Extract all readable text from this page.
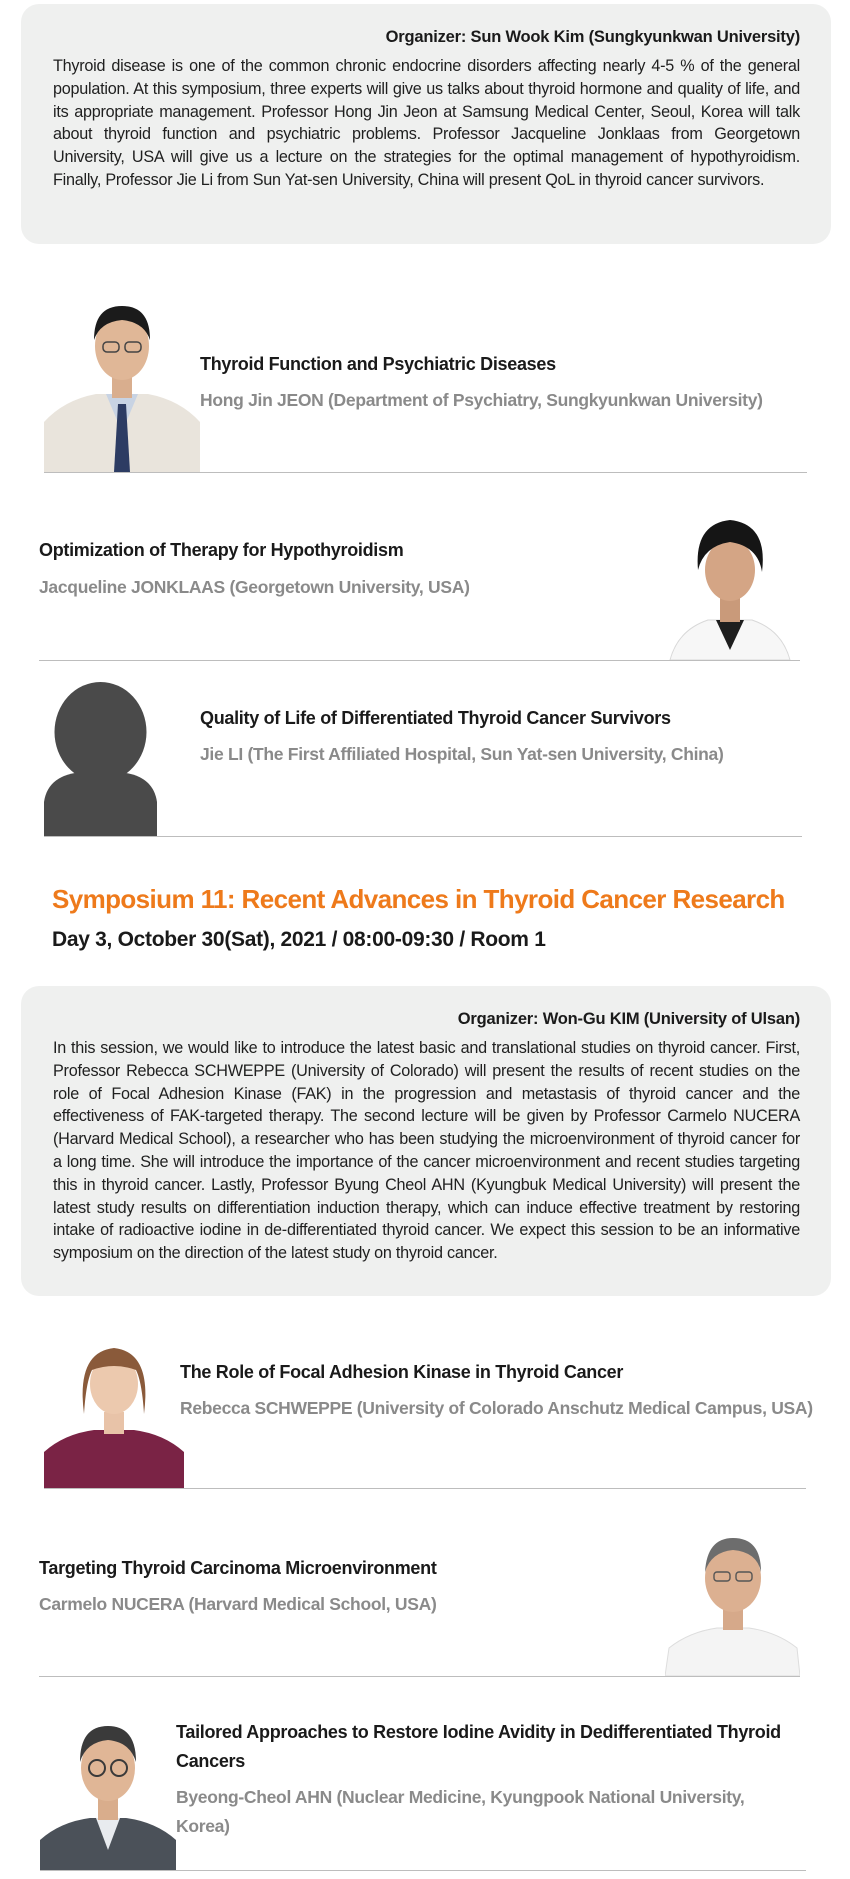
Organizer: Sun Wook Kim (Sungkyunkwan University)

Thyroid disease is one of the common chronic endocrine disorders affecting nearly 4-5 % of the general population. At this symposium, three experts will give us talks about thyroid hormone and quality of life, and its appropriate management. Professor Hong Jin Jeon at Samsung Medical Center, Seoul, Korea will talk about thyroid function and psychiatric problems. Professor Jacqueline Jonklaas from Georgetown University, USA will give us a lecture on the strategies for the optimal management of hypothyroidism. Finally, Professor Jie Li from Sun Yat-sen University, China will present QoL in thyroid cancer survivors.

Thyroid Function and Psychiatric Diseases
Hong Jin JEON (Department of Psychiatry, Sungkyunkwan University)
Optimization of Therapy for Hypothyroidism
Jacqueline JONKLAAS (Georgetown University, USA)
Quality of Life of Differentiated Thyroid Cancer Survivors
Jie LI (The First Affiliated Hospital, Sun Yat-sen University, China)
Symposium 11: Recent Advances in Thyroid Cancer Research
Day 3, October 30(Sat), 2021 / 08:00-09:30 / Room 1
Organizer: Won-Gu KIM (University of Ulsan)

In this session, we would like to introduce the latest basic and translational studies on thyroid cancer. First, Professor Rebecca SCHWEPPE (University of Colorado) will present the results of recent studies on the role of Focal Adhesion Kinase (FAK) in the progression and metastasis of thyroid cancer and the effectiveness of FAK-targeted therapy. The second lecture will be given by Professor Carmelo NUCERA (Harvard Medical School), a researcher who has been studying the microenvironment of thyroid cancer for a long time. She will introduce the importance of the cancer microenvironment and recent studies targeting this in thyroid cancer. Lastly, Professor Byung Cheol AHN (Kyungbuk Medical University) will present the latest study results on differentiation induction therapy, which can induce effective treatment by restoring intake of radioactive iodine in de-differentiated thyroid cancer. We expect this session to be an informative symposium on the direction of the latest study on thyroid cancer.

The Role of Focal Adhesion Kinase in Thyroid Cancer
Rebecca SCHWEPPE (University of Colorado Anschutz Medical Campus, USA)
Targeting Thyroid Carcinoma Microenvironment
Carmelo NUCERA (Harvard Medical School, USA)
Tailored Approaches to Restore Iodine Avidity in Dedifferentiated Thyroid Cancers
Byeong-Cheol AHN (Nuclear Medicine, Kyungpook National University, Korea)
